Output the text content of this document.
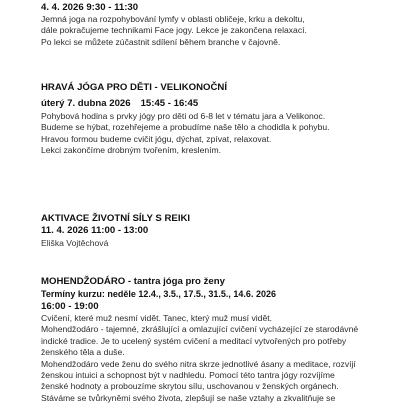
4. 4. 2026 9:30 - 11:30
Jemná joga na rozpohybování lymfy v oblasti obličeje, krku a dekoltu,
dále pokračujeme technikami Face jogy. Lekce je zakončena relaxací.
Po lekci se můžete zúčastnit sdílení během branche v čajovně.
HRAVÁ JÓGA PRO DĚTI - VELIKONOČNÍ
úterý 7. dubna 2026 15:45 - 16:45
Pohybová hodina s prvky jógy pro děti od 6-8 let v tématu jara a Velikonoc.
Budeme se hýbat, rozehřejeme a probudíme naše tělo a chodidla k pohybu.
Hravou formou budeme cvičit jógu, dýchat, zpívat, relaxovat.
Lekci zakončíme drobným tvořením, kreslením.
AKTIVACE ŽIVOTNÍ SÍLY S REIKI
11. 4. 2026 11:00 - 13:00
Eliška Vojtěchová
MOHENDŽODÁRO - tantra jóga pro ženy
Termíny kurzu: neděle 12.4., 3.5., 17.5., 31.5., 14.6. 2026
16:00 - 19:00
Cvičení, které muž nesmí vidět. Tanec, který muž musí vidět.
Mohendžodáro - tajemné, zkrášlující a omlazující cvičení vycházející ze starodávné
indické tradice. Je to ucelený systém cvičení a meditací vytvořených pro potřeby
ženského těla a duše.
Mohendžodáro vede ženu do svého nitra skrze jednotlivé ásany a meditace, rozvíjí
ženskou intuici a schopnost být v nadhledu. Pomocí této tantra jógy rozvíjíme
ženské hodnoty a probouzíme skrytou sílu, uschovanou v ženských orgánech.
Stáváme se tvůrkyněmi svého života, zlepšují se naše vztahy a zkvalitňuje se
